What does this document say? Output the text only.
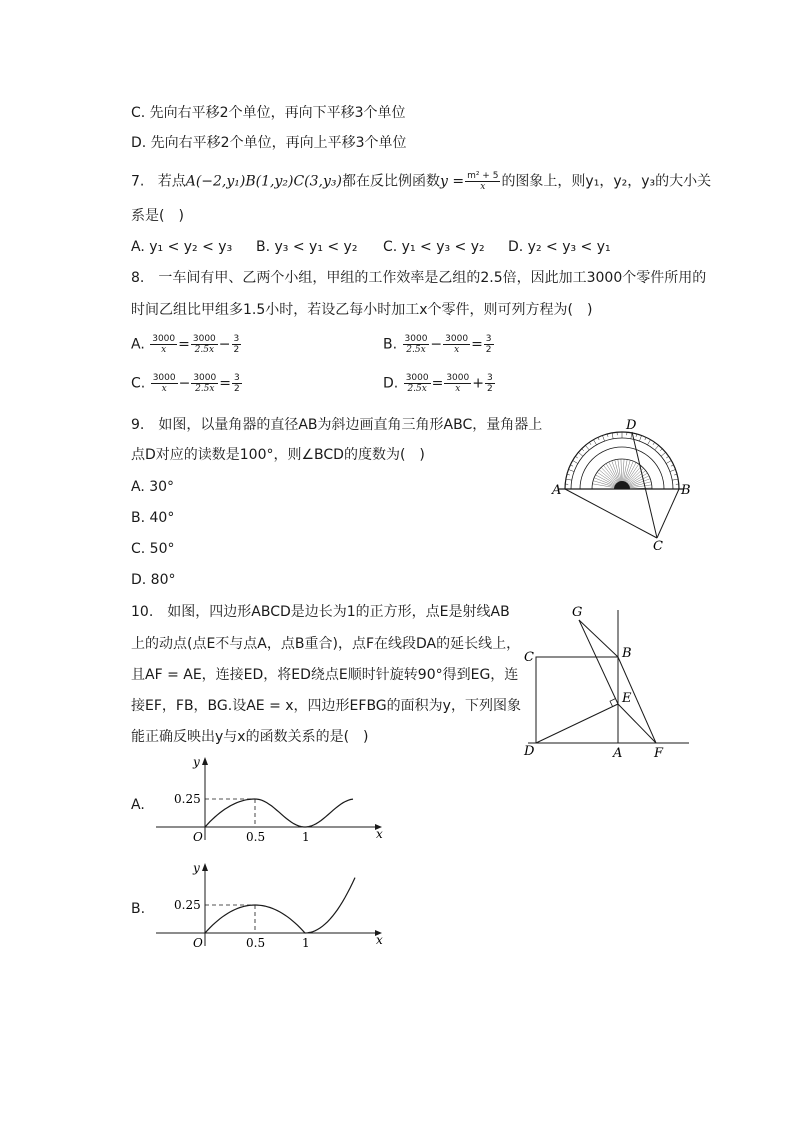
C. 先向右平移2个单位，再向下平移3个单位
D. 先向右平移2个单位，再向上平移3个单位
7. 若点A(−2,y₁)B(1,y₂)C(3,y₃)都在反比例函数$y = \frac{\text{m² + 5}}{x}$ 的图象上，则y₁，y₂，y₃的大小关
系是(　)
A. y₁ < y₂ < y₃ B. y₃ < y₁ < y₂ C. y₁ < y₃ < y₂ D. y₂ < y₃ < y₁
8.　一车间有甲、乙两个小组，甲组的工作效率是乙组的2.5倍，因此加工3000个零件所用的
时间乙组比甲组多1.5小时，若设乙每小时加工x个零件，则可列方程为(　)
A. $\frac{3000}{x} = \frac{3000}{2.5x} - \frac{3}{2}$	B. $\frac{3000}{2.5x} - \frac{3000}{x} = \frac{3}{2}$
C. $\frac{3000}{x} - \frac{3000}{2.5x} = \frac{3}{2}$	D. $\frac{3000}{2.5x} = \frac{3000}{x} + \frac{3}{2}$
9.　如图，以量角器的直径AB为斜边画直角三角形ABC，量角器上
点D对应的读数是100°，则∠BCD的度数为(　)
A. 30°
B. 40°
C. 50°
D. 80°
D
A	B
C
10.　如图，四边形ABCD是边长为1的正方形，点E是射线AB
上的动点(点E不与点A，点B重合)，点F在线段DA的延长线上，
且AF = AE，连接ED，将ED绕点E顺时针旋转90°得到EG，连
接EF，FB，BG.设AE = x，四边形EFBG的面积为y，下列图象
能正确反映出y与x的函数关系的是(　)
G
B
C
E
D	A F
A.
y
x
O
0.25
0.5	1
B.
y
x
O
0.25
0.5	1
